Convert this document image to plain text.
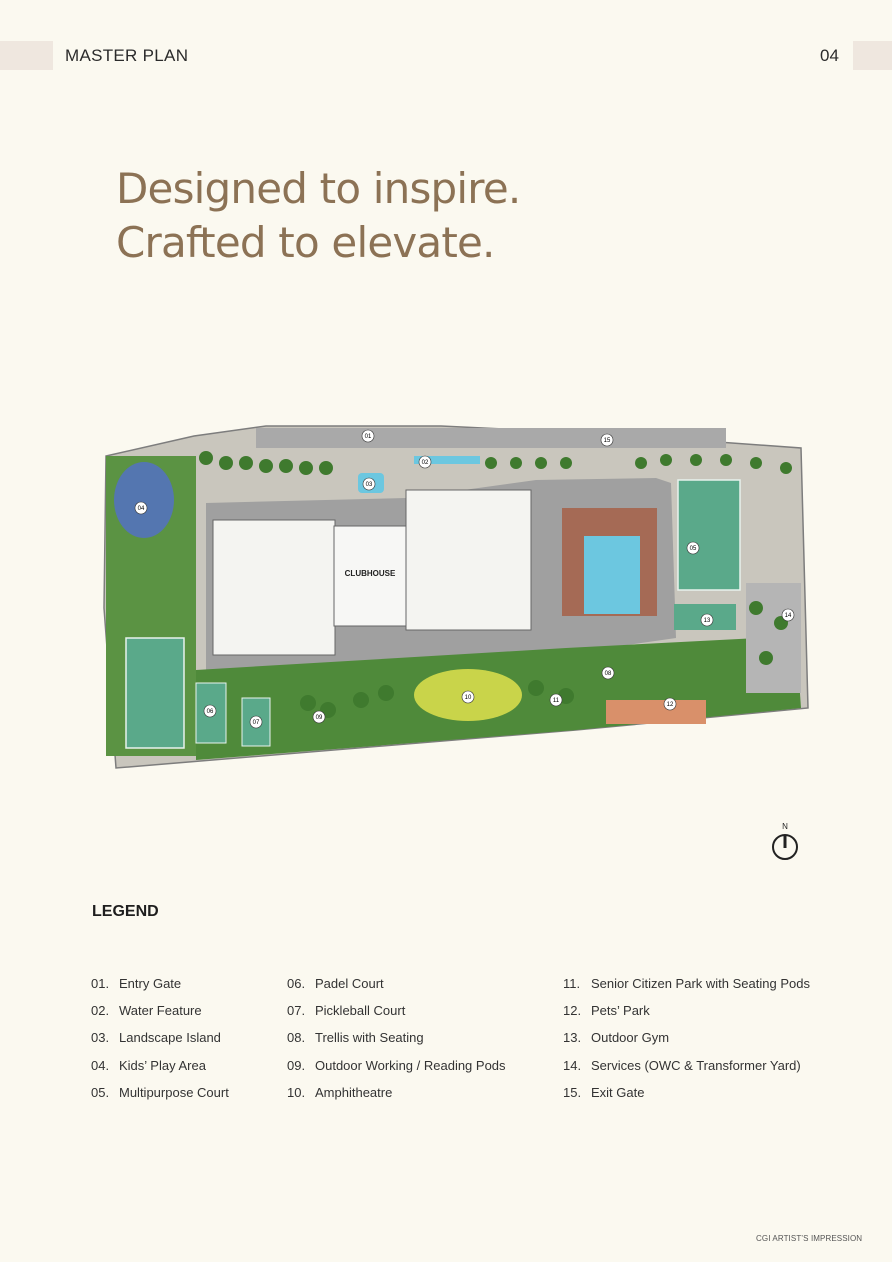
MASTER PLAN	04
Designed to inspire.
Crafted to elevate.
CLUBHOUSE
01
02
03
04
05
06
07
08
09
10	11
12
13
14
15
N
LEGEND
01. Entry Gate
02. Water Feature
03. Landscape Island
04. Kids’ Play Area
05. Multipurpose Court
06. Padel Court
07. Pickleball Court
08. Trellis with Seating
09. Outdoor Working / Reading Pods
10. Amphitheatre
11. Senior Citizen Park with Seating Pods
12. Pets’ Park
13. Outdoor Gym
14. Services (OWC & Transformer Yard)
15. Exit Gate
CGI ARTIST’S IMPRESSION
